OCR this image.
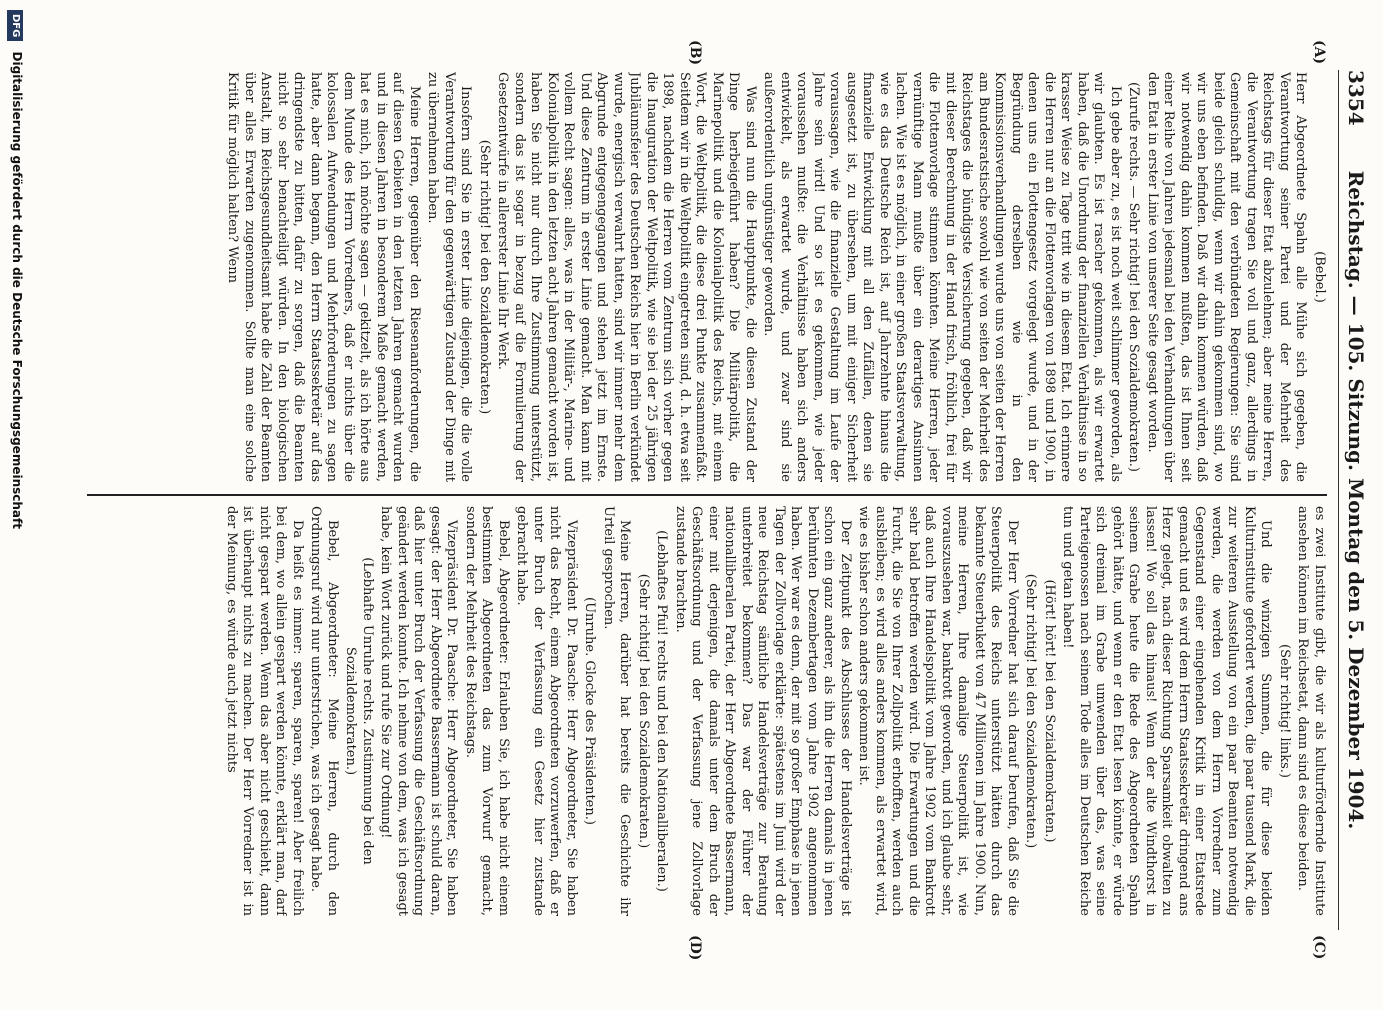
3354
Reichstag. — 105. Sitzung. Montag den 5. Dezember 1904.
(A)
(B)
(C)
(D)

(Bebel.)

Herr Abgeordnete Spahn alle Mühe sich gegeben, die Verantwortung seiner Partei und der Mehrheit des Reichstags für dieser Etat abzulehnen; aber meine Herren, die Verantwortung tragen Sie voll und ganz, allerdings in Gemeinschaft mit den verbündeten Regierungen: Sie sind beide gleich schuldig, wenn wir dahin gekommen sind, wo wir uns eben befinden. Daß wir dahin kommen würden, daß wir notwendig dahin kommen mußten, das ist Ihnen seit einer Reihe von Jahren jedesmal bei den Verhandlungen über den Etat in erster Linie von unserer Seite gesagt worden.

(Zurufe rechts. — Sehr richtig! bei den Sozialdemokraten.)

Ich gebe aber zu, es ist noch weit schlimmer geworden, als wir glaubten. Es ist rascher gekommen, als wir erwartet haben, daß die Unordnung der finanziellen Verhältnisse in so krasser Weise zu Tage tritt wie in diesem Etat. Ich erinnere die Herren nur an die Flottenvorlagen von 1898 und 1900, in denen uns ein Flottengesetz vorgelegt wurde, und in der Begründung derselben wie in den Kommissionsverhandlungen wurde uns von seiten der Herren am Bundesratstische sowohl wie von seiten der Mehrheit des Reichstages die bündigste Versicherung gegeben, daß wir mit dieser Berechnung in der Hand frisch, fröhlich, frei für die Flottenvorlage stimmen könnten. Meine Herren, jeder vernünftige Mann mußte über ein derartiges Ansinnen lachen. Wie ist es möglich, in einer großen Staatsverwaltung, wie es das Deutsche Reich ist, auf Jahrzehnte hinaus die finanzielle Entwicklung mit all den Zufällen, denen sie ausgesetzt ist, zu übersehen, um mit einiger Sicherheit voraussagen, wie die finanzielle Gestaltung im Laufe der Jahre sein wird! Und so ist es gekommen, wie jeder voraussehen mußte: die Verhältnisse haben sich anders entwickelt, als erwartet wurde, und zwar sind sie außerordentlich ungünstiger geworden.

Was sind nun die Hauptpunkte, die diesen Zustand der Dinge herbeigeführt haben? Die Militärpolitik, die Marinepolitik und die Kolonialpolitik des Reichs, mit einem Wort, die Weltpolitik, die diese drei Punkte zusammenfaßt. Seitdem wir in die Weltpolitik eingetreten sind, d. h. etwa seit 1898, nachdem die Herren vom Zentrum sich vorher gegen die Inauguration der Weltpolitik, wie sie bei der 25 jährigen Jubiläumsfeier des Deutschen Reichs hier in Berlin verkündet wurde, energisch verwahrt hatten, sind wir immer mehr dem Abgrunde entgegengegangen und stehen jetzt im Ernste. Und diese Zentrum in erster Linie gemacht. Man kann mit vollem Recht sagen: alles, was in der Militär-, Marine- und Kolonialpolitik in den letzten acht Jahren gemacht worden ist, haben Sie nicht nur durch Ihre Zustimmung unterstützt, sondern das ist sogar in bezug auf die Formulierung der Gesetzentwürfe in allererster Linie Ihr Werk.

(Sehr richtig! bei den Sozialdemokraten.)

Insofern sind Sie in erster Linie diejenigen, die die volle Verantwortung für den gegenwärtigen Zustand der Dinge mit zu übernehmen haben.

Meine Herren, gegenüber den Riesenanforderungen, die auf diesen Gebieten in den letzten Jahren gemacht wurden und in diesen Jahren in besonderem Maße gemacht werden, hat es mich, ich möchte sagen — gekitzelt, als ich hörte aus dem Munde des Herrn Vorredners, daß er nichts über die kolossalen Aufwendungen und Mehrforderungen zu sagen hatte, aber dann begann, den Herrn Staatssekretär auf das dringendste zu bitten, dafür zu sorgen, daß die Beamten nicht so sehr benachteiligt würden. In den biologischen Anstalt, im Reichsgesundheitsamt habe die Zahl der Beamten über alles Erwarten zugenommen. Sollte man eine solche Kritik für möglich halten? Wenn

es zwei Institute gibt, die wir als kulturfördernde Institute ansehen können im Reichsetat, dann sind es diese beiden.

(Sehr richtig! links.)

Und die winzigen Summen, die für diese beiden Kulturinstitute gefordert werden, die paar tausend Mark, die zur weiteren Ausstellung von ein paar Beamten notwendig werden, die werden von dem Herrn Vorredner zum Gegenstand einer eingehenden Kritik in einer Etatsrede gemacht und es wird dem Herrn Staatssekretär dringend ans Herz gelegt, nach dieser Richtung Sparsamkeit obwalten zu lassen! Wo soll das hinaus! Wenn der alte Windthorst in seinem Grabe heute die Rede des Abgeordneten Spahn gehört hätte, und wenn er den Etat lesen könnte, er würde sich dreimal im Grabe umwenden über das, was seine Parteigenossen nach seinem Tode alles im Deutschen Reiche tun und getan haben!

(Hört! hört! bei den Sozialdemokraten.)

(Sehr richtig! bei den Sozialdemokraten.)

Der Herr Vorredner hat sich darauf berufen, daß Sie die Steuerpolitik des Reichs unterstützt hätten durch das bekannte Steuerbukett von 47 Millionen im Jahre 1900. Nun, meine Herren, Ihre damalige Steuerpolitik ist, wie vorauszusehen war, bankrott geworden, und ich glaube sehr, daß auch Ihre Handelspolitik vom Jahre 1902 vom Bankrott sehr bald betroffen werden wird. Die Erwartungen und die Furcht, die Sie von Ihrer Zollpolitik erhofften, werden auch ausbleiben; es wird alles anders kommen, als erwartet wird, wie es bisher schon anders gekommen ist.

Der Zeitpunkt des Abschlusses der Handelsverträge ist schon ein ganz anderer, als ihn die Herren damals in jenen berühmten Dezembertagen vom Jahre 1902 angenommen haben. Wer war es denn, der mit so großer Emphase in jenen Tagen der Zollvorlage erklärte: spätestens im Juni wird der neue Reichstag sämtliche Handelsverträge zur Beratung unterbreitet bekommen? Das war der Führer der nationalliberalen Partei, der Herr Abgeordnete Bassermann, einer mit derjenigen, die damals unter dem Bruch der Geschäftsordnung und der Verfassung jene Zollvorlage zustande brachten.

(Lebhaftes Pfui! rechts und bei den Nationalliberalen.)

(Sehr richtig! bei den Sozialdemokraten.)

Meine Herren, darüber hat bereits die Geschichte ihr Urteil gesprochen.

(Unruhe. Glocke des Präsidenten.)

Vizepräsident Dr. Paasche: Herr Abgeordneter, Sie haben nicht das Recht, einem Abgeordneten vorzuwerfen, daß er unter Bruch der Verfassung ein Gesetz hier zustande gebracht habe.

Bebel, Abgeordneter: Erlauben Sie, ich habe nicht einem bestimmten Abgeordneten das zum Vorwurf gemacht, sondern der Mehrheit des Reichstags.

Vizepräsident Dr. Paasche: Herr Abgeordneter, Sie haben gesagt: der Herr Abgeordnete Bassermann ist schuld daran, daß hier unter Bruch der Verfassung die Geschäftsordnung geändert werden konnte. Ich nehme von dem, was ich gesagt habe, kein Wort zurück und rufe Sie zur Ordnung!

(Lebhafte Unruhe rechts. Zustimmung bei den Sozialdemokraten.)

Bebel, Abgeordneter: Meine Herren, durch den Ordnungsruf wird nur unterstrichen, was ich gesagt habe.

Da heißt es immer: sparen, sparen, sparen! Aber freilich bei dem, wo allein gespart werden könnte, erklärt man, darf nicht gespart werden. Wenn das aber nicht geschieht, dann ist überhaupt nichts zu machen. Der Herr Vorredner ist in der Meinung, es würde auch jetzt nichts

DFG Digitalisierung gefördert durch die Deutsche Forschungsgemeinschaft
